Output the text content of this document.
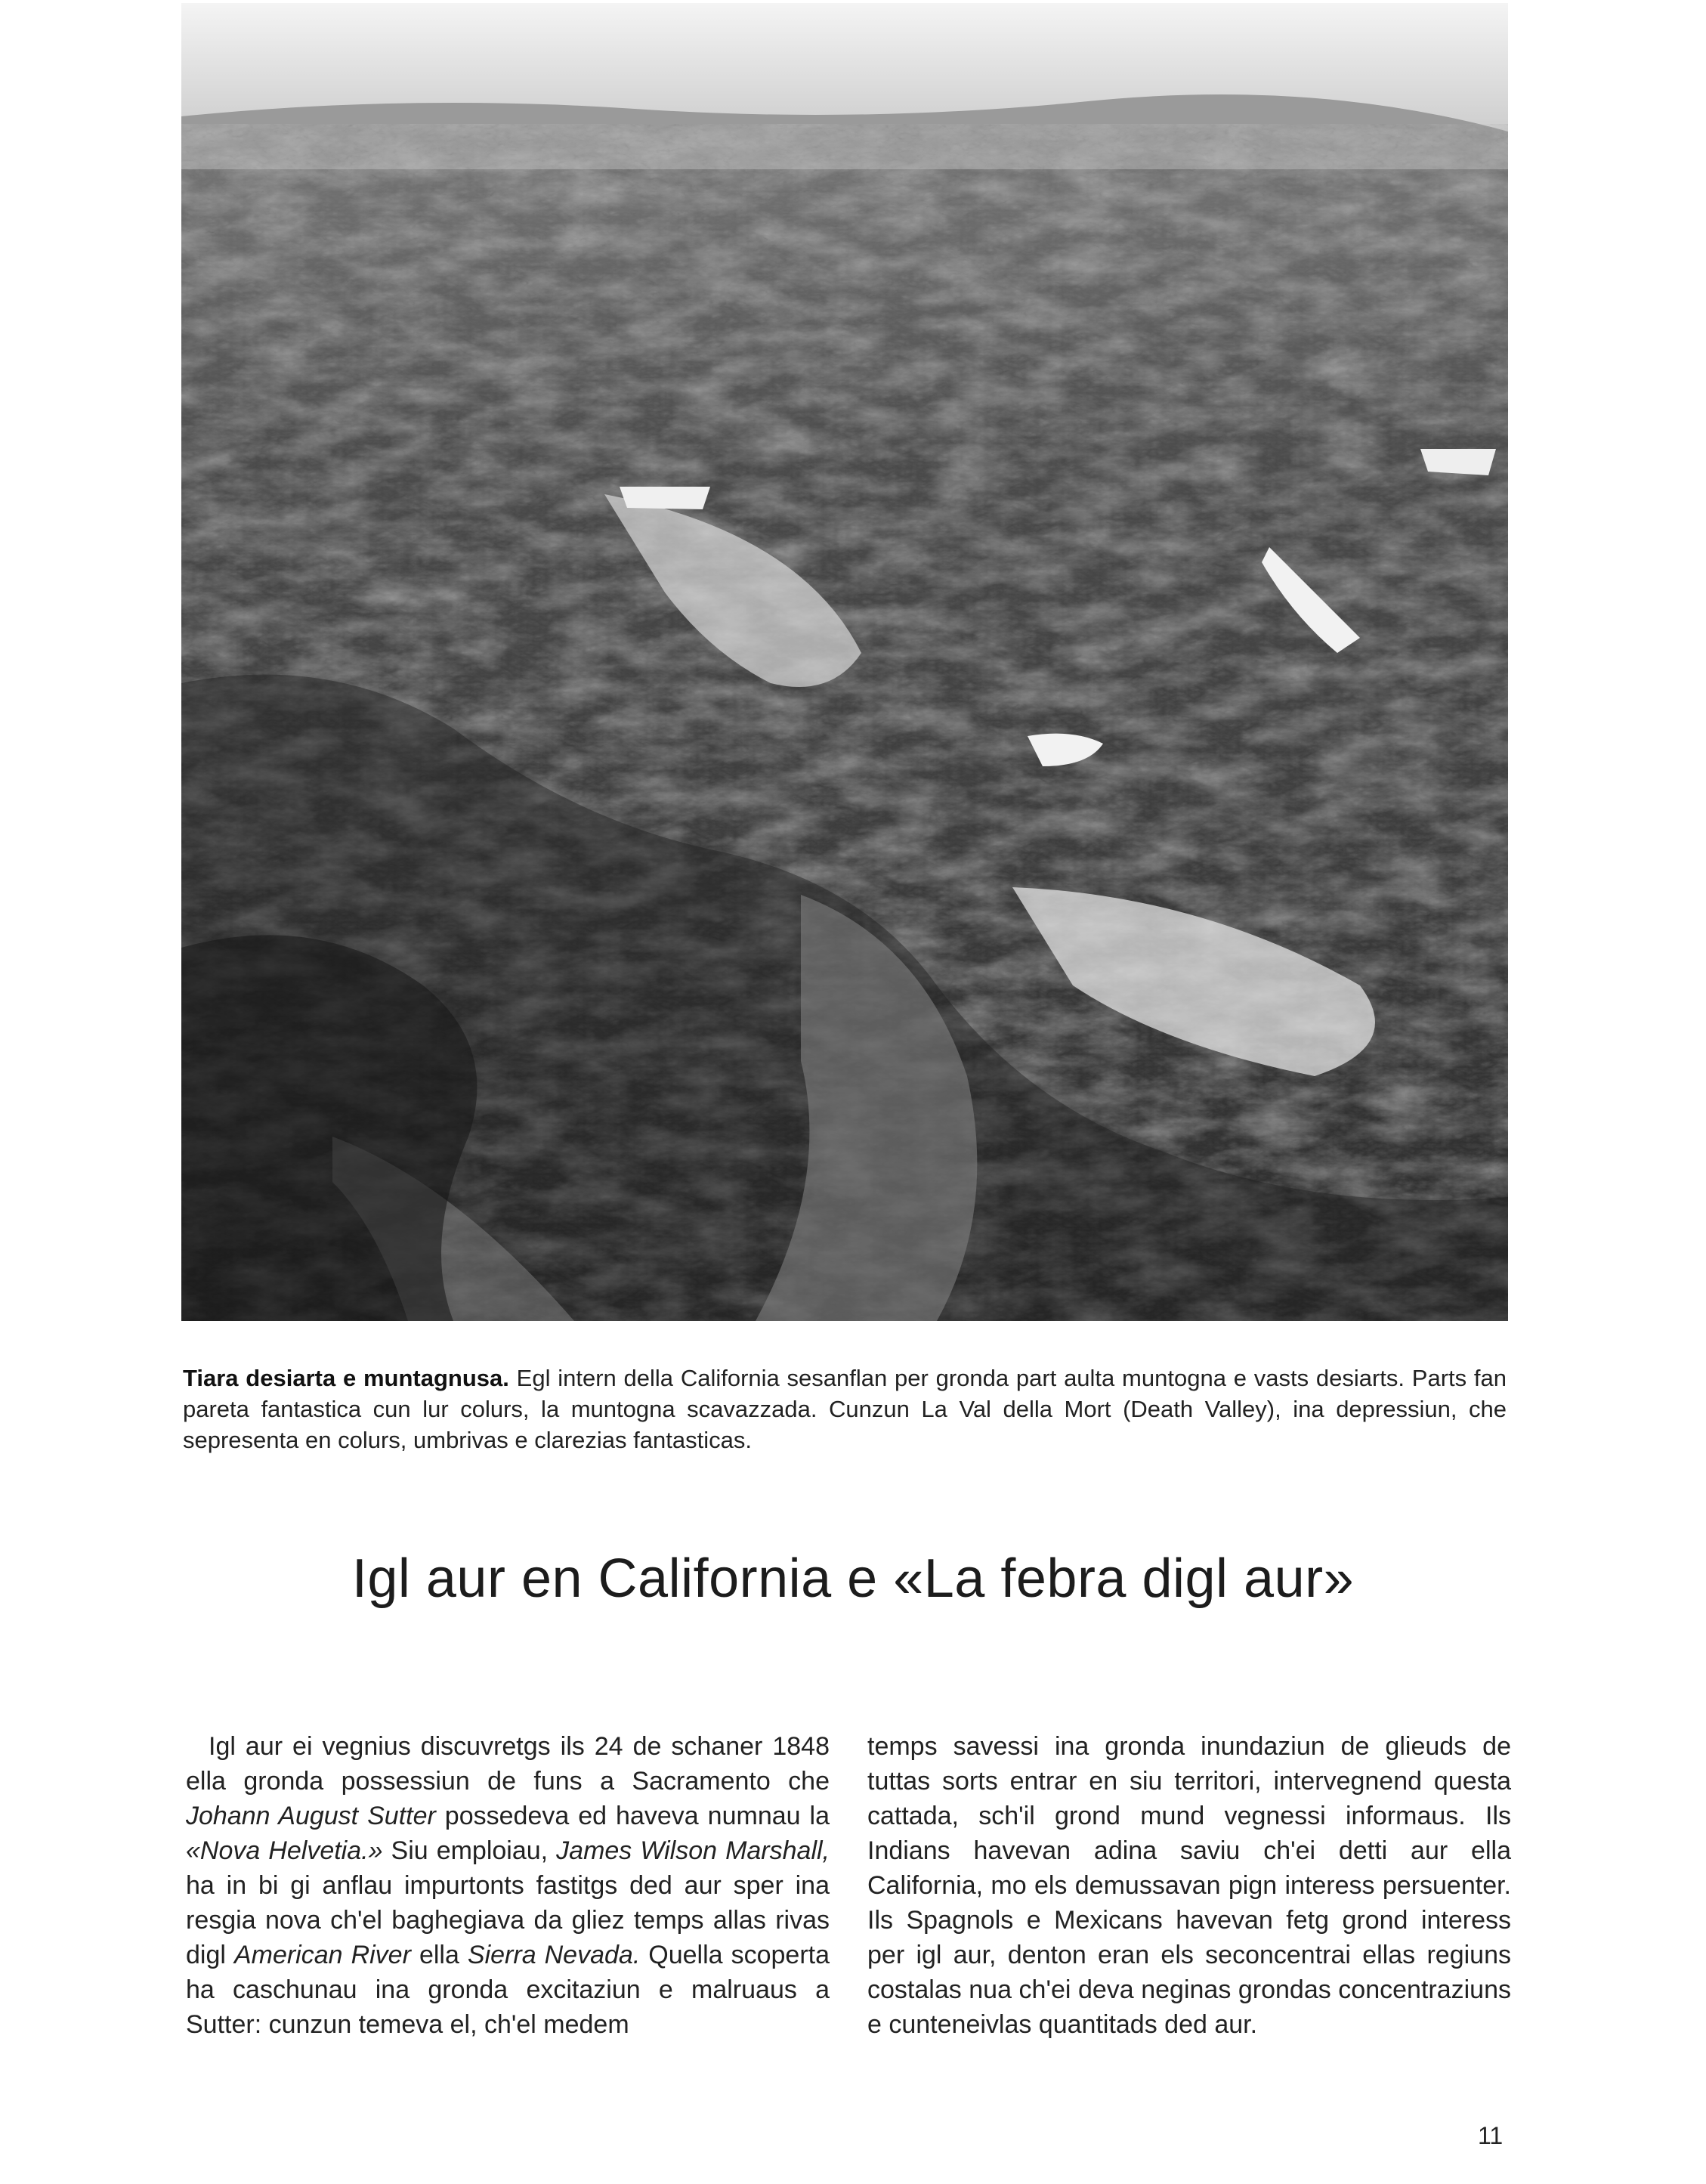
Tiara desiarta e muntagnusa. Egl intern della California sesanflan per gronda part aulta muntogna e vasts desiarts. Parts fan pareta fantastica cun lur colurs, la muntogna scavazzada. Cunzun La Val della Mort (Death Valley), ina depressiun, che sepresenta en colurs, umbrivas e clarezias fantasticas.

Igl aur en California e «La febra digl aur»

Igl aur ei vegnius discuvretgs ils 24 de schaner 1848 ella gronda possessiun de funs a Sacramento che Johann August Sutter possedeva ed haveva numnau la «Nova Helvetia.» Siu emploiau, James Wilson Marshall, ha in bi gi anflau impurtonts fastitgs ded aur sper ina resgia nova ch'el baghegiava da gliez temps allas rivas digl American River ella Sierra Nevada. Quella scoperta ha caschunau ina gronda excitaziun e malruaus a Sutter: cunzun temeva el, ch'el medem

temps savessi ina gronda inundaziun de glieuds de tuttas sorts entrar en siu territori, intervegnend questa cattada, sch'il grond mund vegnessi informaus. Ils Indians havevan adina saviu ch'ei detti aur ella California, mo els demussavan pign interess persuenter. Ils Spagnols e Mexicans havevan fetg grond interess per igl aur, denton eran els seconcentrai ellas regiuns costalas nua ch'ei deva neginas grondas concentraziuns e cunteneivlas quantitads ded aur.

11
